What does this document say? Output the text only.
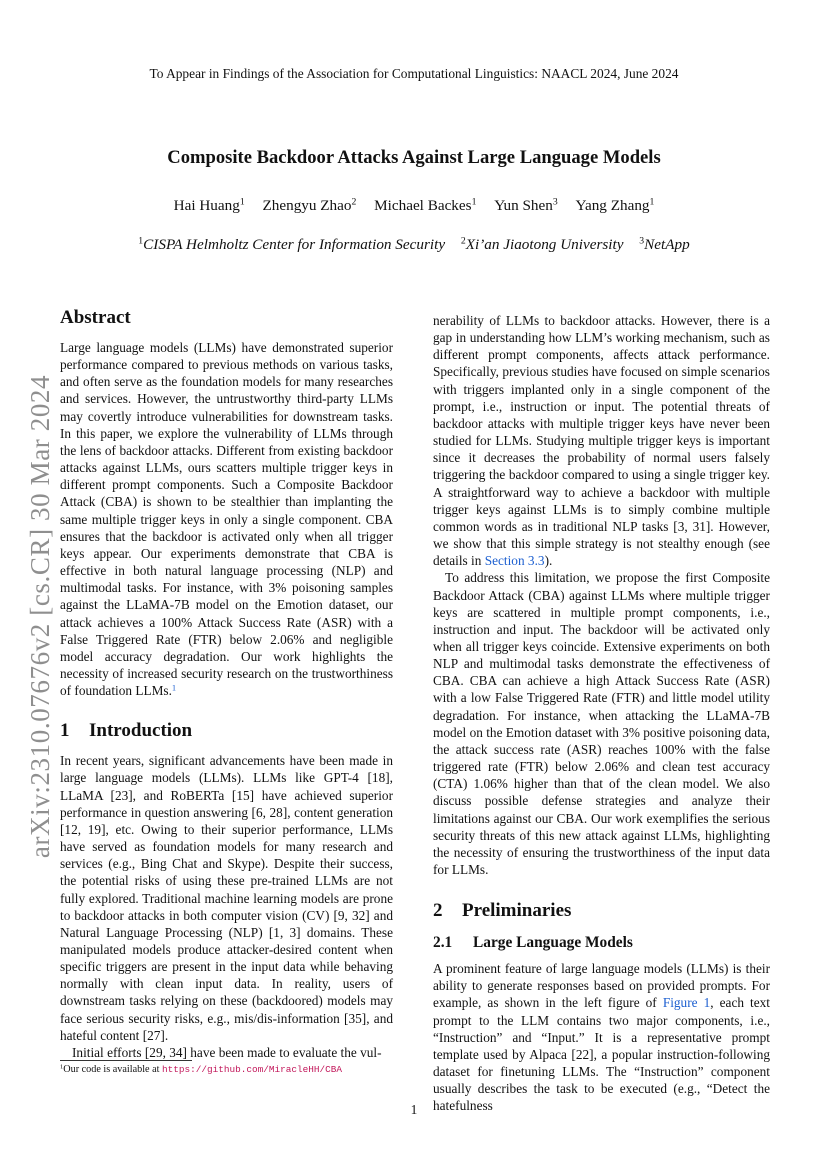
To Appear in Findings of the Association for Computational Linguistics: NAACL 2024, June 2024
Composite Backdoor Attacks Against Large Language Models
Hai Huang$^1$ Zhengyu Zhao$^2$ Michael Backes$^1$ Yun Shen$^3$ Yang Zhang$^1$
$^1$CISPA Helmholtz Center for Information Security $^2$Xi’an Jiaotong University $^3$NetApp
arXiv:2310.07676v2 [cs.CR] 30 Mar 2024
Abstract

Large language models (LLMs) have demonstrated superior performance compared to previous methods on various tasks, and often serve as the foundation models for many researches and services. However, the untrustworthy third-party LLMs may covertly introduce vulnerabilities for downstream tasks. In this paper, we explore the vulnerability of LLMs through the lens of backdoor attacks. Different from existing backdoor attacks against LLMs, ours scatters multiple trigger keys in different prompt components. Such a Composite Backdoor Attack (CBA) is shown to be stealthier than implanting the same multiple trigger keys in only a single component. CBA ensures that the backdoor is activated only when all trigger keys appear. Our experiments demonstrate that CBA is effective in both natural language processing (NLP) and multimodal tasks. For instance, with 3% poisoning samples against the LLaMA-7B model on the Emotion dataset, our attack achieves a 100% Attack Success Rate (ASR) with a False Triggered Rate (FTR) below 2.06% and negligible model accuracy degradation. Our work highlights the necessity of increased security research on the trustworthiness of foundation LLMs.$^1$

1 Introduction

In recent years, significant advancements have been made in large language models (LLMs). LLMs like GPT-4 [18], LLaMA [23], and RoBERTa [15] have achieved superior performance in question answering [6, 28], content generation [12, 19], etc. Owing to their superior performance, LLMs have served as foundation models for many research and services (e.g., Bing Chat and Skype). Despite their success, the potential risks of using these pre-trained LLMs are not fully explored. Traditional machine learning models are prone to backdoor attacks in both computer vision (CV) [9, 32] and Natural Language Processing (NLP) [1, 3] domains. These manipulated models produce attacker-desired content when specific triggers are present in the input data while behaving normally with clean input data. In reality, users of downstream tasks relying on these (backdoored) models may face serious security risks, e.g., mis/dis-information [35], and hateful content [27].

Initial efforts [29, 34] have been made to evaluate the vul-

nerability of LLMs to backdoor attacks. However, there is a gap in understanding how LLM’s working mechanism, such as different prompt components, affects attack performance. Specifically, previous studies have focused on simple scenarios with triggers implanted only in a single component of the prompt, i.e., instruction or input. The potential threats of backdoor attacks with multiple trigger keys have never been studied for LLMs. Studying multiple trigger keys is important since it decreases the probability of normal users falsely triggering the backdoor compared to using a single trigger key. A straightforward way to achieve a backdoor with multiple trigger keys against LLMs is to simply combine multiple common words as in traditional NLP tasks [3, 31]. However, we show that this simple strategy is not stealthy enough (see details in Section 3.3).

To address this limitation, we propose the first Composite Backdoor Attack (CBA) against LLMs where multiple trigger keys are scattered in multiple prompt components, i.e., instruction and input. The backdoor will be activated only when all trigger keys coincide. Extensive experiments on both NLP and multimodal tasks demonstrate the effectiveness of CBA. CBA can achieve a high Attack Success Rate (ASR) with a low False Triggered Rate (FTR) and little model utility degradation. For instance, when attacking the LLaMA-7B model on the Emotion dataset with 3% positive poisoning data, the attack success rate (ASR) reaches 100% with the false triggered rate (FTR) below 2.06% and clean test accuracy (CTA) 1.06% higher than that of the clean model. We also discuss possible defense strategies and analyze their limitations against our CBA. Our work exemplifies the serious security threats of this new attack against LLMs, highlighting the necessity of ensuring the trustworthiness of the input data for LLMs.

2 Preliminaries
2.1 Large Language Models

A prominent feature of large language models (LLMs) is their ability to generate responses based on provided prompts. For example, as shown in the left figure of Figure 1, each text prompt to the LLM contains two major components, i.e., “Instruction” and “Input.” It is a representative prompt template used by Alpaca [22], a popular instruction-following dataset for finetuning LLMs. The “Instruction” component usually describes the task to be executed (e.g., “Detect the hatefulness

$^1$Our code is available at https://github.com/MiracleHH/CBA
1
